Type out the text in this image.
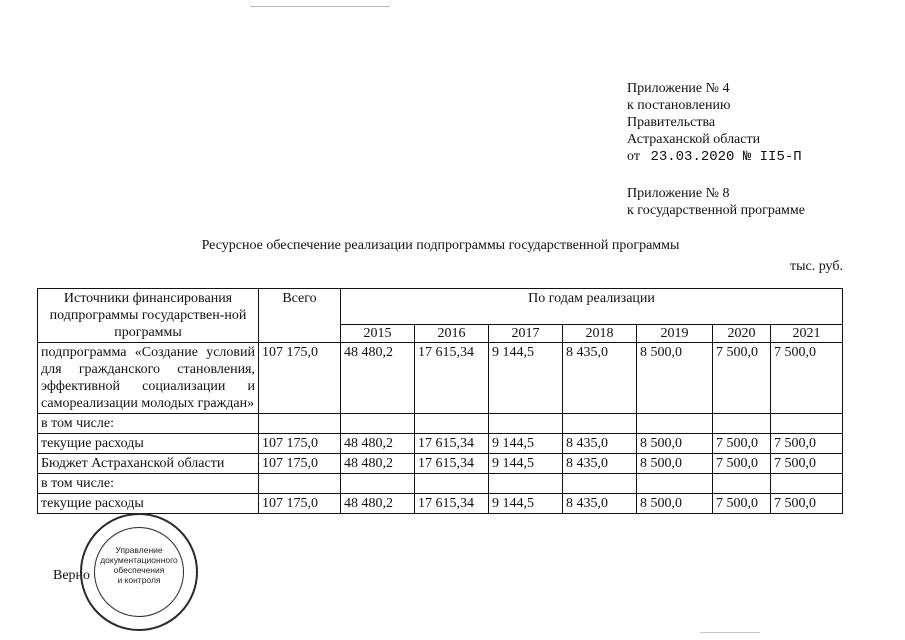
Приложение № 4
к постановлению
Правительства
Астраханской области
от 23.03.2020 № II5-П
Приложение № 8
к государственной программе
Ресурсное обеспечение реализации подпрограммы государственной программы
тыс. руб.
Источники финансирования подпрограммы государствен-ной программы	Всего	По годам реализации						
		2015	2016	2017	2018	2019	2020	2021
подпрограмма «Создание условий для гражданского становления, эффективной социализации и самореализации молодых граждан»	107 175,0	48 480,2	17 615,34	9 144,5	8 435,0	8 500,0	7 500,0	7 500,0
в том числе:								
текущие расходы	107 175,0	48 480,2	17 615,34	9 144,5	8 435,0	8 500,0	7 500,0	7 500,0
Бюджет Астраханской области	107 175,0	48 480,2	17 615,34	9 144,5	8 435,0	8 500,0	7 500,0	7 500,0
в том числе:								
текущие расходы	107 175,0	48 480,2	17 615,34	9 144,5	8 435,0	8 500,0	7 500,0	7 500,0
Верно
Управление
документационного
обеспечения
и контроля
